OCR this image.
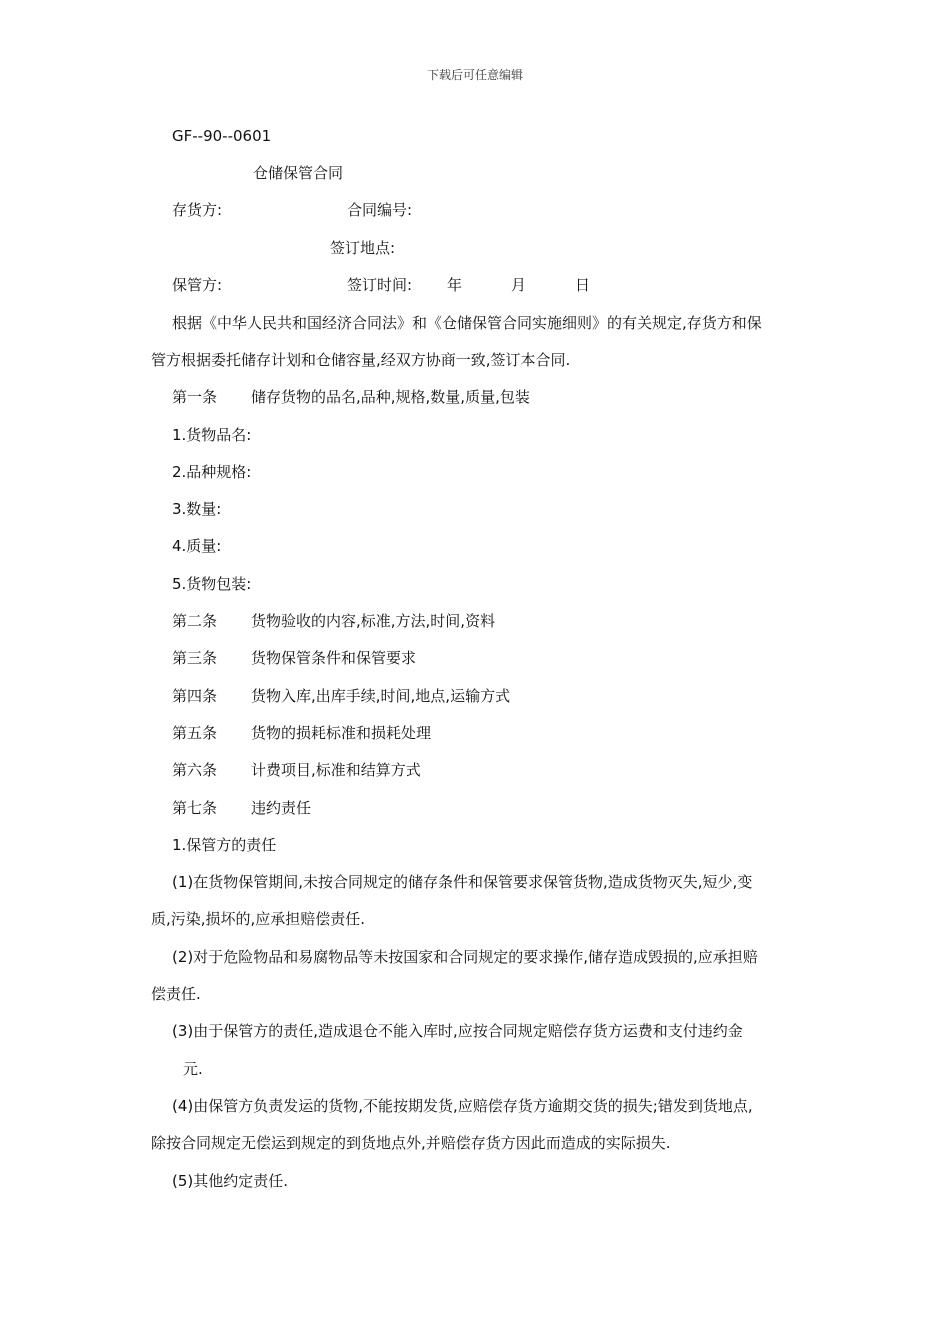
下载后可任意编辑
GF--90--0601
仓储保管合同
存货方:	合同编号:
签订地点:
保管方:	签订时间: 年	月	日
根据《中华人民共和国经济合同法》和《仓储保管合同实施细则》的有关规定,存货方和保
管方根据委托储存计划和仓储容量,经双方协商一致,签订本合同.
第一条 储存货物的品名,品种,规格,数量,质量,包装
1.货物品名:
2.品种规格:
3.数量:
4.质量:
5.货物包装:
第二条 货物验收的内容,标准,方法,时间,资料
第三条 货物保管条件和保管要求
第四条 货物入库,出库手续,时间,地点,运输方式
第五条 货物的损耗标准和损耗处理
第六条 计费项目,标准和结算方式
第七条 违约责任
1.保管方的责任
(1)在货物保管期间,未按合同规定的储存条件和保管要求保管货物,造成货物灭失,短少,变
质,污染,损坏的,应承担赔偿责任.
(2)对于危险物品和易腐物品等未按国家和合同规定的要求操作,储存造成毁损的,应承担赔
偿责任.
(3)由于保管方的责任,造成退仓不能入库时,应按合同规定赔偿存货方运费和支付违约金
元.
(4)由保管方负责发运的货物,不能按期发货,应赔偿存货方逾期交货的损失;错发到货地点,
除按合同规定无偿运到规定的到货地点外,并赔偿存货方因此而造成的实际损失.
(5)其他约定责任.
